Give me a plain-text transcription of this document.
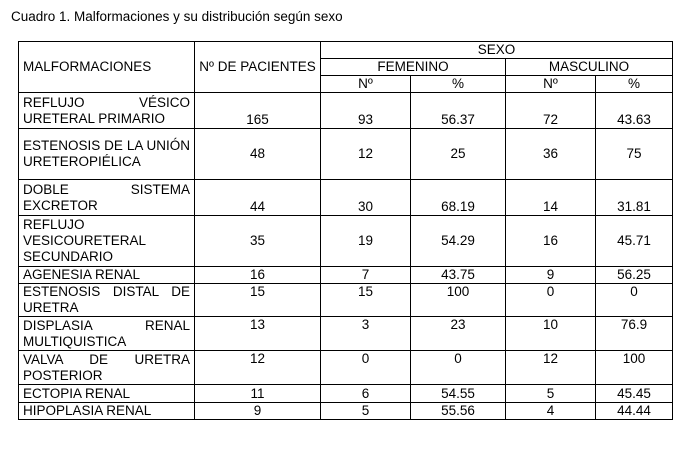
Cuadro 1. Malformaciones y su distribución según sexo
MALFORMACIONES	Nº DE PACIENTES	SEXO			
		FEMENINO		MASCULINO	
		Nº	%	Nº	%
REFLUJO VÉSICO URETERAL PRIMARIO	165	93	56.37	72	43.63
ESTENOSIS DE LA UNIÓN URETEROPIÉLICA	48	12	25	36	75
DOBLE SISTEMA EXCRETOR	44	30	68.19	14	31.81
REFLUJO VESICOURETERAL SECUNDARIO	35	19	54.29	16	45.71
AGENESIA RENAL	16	7	43.75	9	56.25
ESTENOSIS DISTAL DE URETRA	15	15	100	0	0
DISPLASIA RENAL MULTIQUISTICA	13	3	23	10	76.9
VALVA DE URETRA POSTERIOR	12	0	0	12	100
ECTOPIA RENAL	11	6	54.55	5	45.45
HIPOPLASIA RENAL	9	5	55.56	4	44.44
